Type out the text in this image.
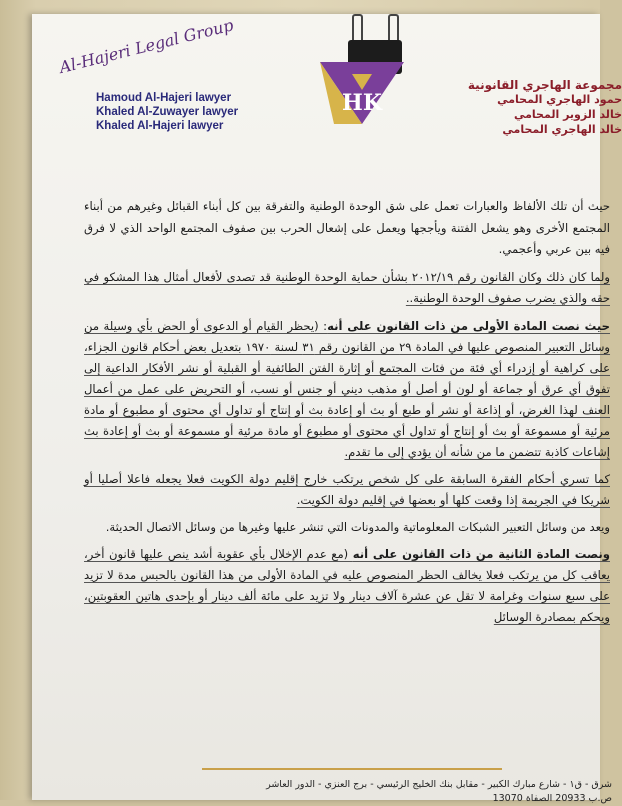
Al-Hajeri Legal Group
Hamoud Al-Hajeri lawyer
Khaled Al-Zuwayer lawyer
Khaled Al-Hajeri lawyer
HK
مجموعة الهاجري القانونية
حمود الهاجري المحامي
خالد الزوير المحامي
خالد الهاجري المحامي

حيث أن تلك الألفاظ والعبارات تعمل على شق الوحدة الوطنية والتفرقة بين كل أبناء القبائل وغيرهم من أبناء المجتمع الأخرى وهو يشعل الفتنة ويأججها ويعمل على إشعال الحرب بين صفوف المجتمع الواحد الذي لا فرق فيه بين عربي وأعجمي.

ولما كان ذلك وكان القانون رقم ٢٠١٢/١٩ بشأن حماية الوحدة الوطنية قد تصدى لأفعال أمثال هذا المشكو في حقه والذي يضرب صفوف الوحدة الوطنية..

حيث نصت المادة الأولى من ذات القانون على أنه: (يحظر القيام أو الدعوى أو الحض بأي وسيلة من وسائل التعبير المنصوص عليها في المادة ٢٩ من القانون رقم ٣١ لسنة ١٩٧٠ بتعديل بعض أحكام قانون الجزاء، على كراهية أو إزدراء أي فئة من فئات المجتمع أو إثارة الفتن الطائفية أو القبلية أو نشر الأفكار الداعية إلى تفوق أي عرق أو جماعة أو لون أو أصل أو مذهب ديني أو جنس أو نسب، أو التحريض على عمل من أعمال العنف لهذا الغرض، أو إذاعة أو نشر أو طبع أو بث أو إعادة بث أو إنتاج أو تداول أي محتوى أو مطبوع أو مادة مرئية أو مسموعة أو بث أو إنتاج أو تداول أي محتوى أو مطبوع أو مادة مرئية أو مسموعة أو بث أو إعادة بث إشاعات كاذبة تتضمن ما من شأنه أن يؤدي إلى ما تقدم.

كما تسري أحكام الفقرة السابقة على كل شخص يرتكب خارج إقليم دولة الكويت فعلا يجعله فاعلا أصليا أو شريكا في الجريمة إذا وقعت كلها أو بعضها في إقليم دولة الكويت.

ويعد من وسائل التعبير الشبكات المعلوماتية والمدونات التي تنشر عليها وغيرها من وسائل الاتصال الحديثة.

ونصت المادة الثانية من ذات القانون على أنه (مع عدم الإخلال بأي عقوبة أشد ينص عليها قانون أخر، يعاقب كل من يرتكب فعلا يخالف الحظر المنصوص عليه في المادة الأولى من هذا القانون بالحبس مدة لا تزيد على سبع سنوات وغرامة لا تقل عن عشرة آلاف دينار ولا تزيد على مائة ألف دينار أو بإحدى هاتين العقوبتين، ويحكم بمصادرة الوسائل

شرق - ق١ - شارع مبارك الكبير - مقابل بنك الخليج الرئيسي - برج العنزي - الدور العاشر
ص.ب 20933 الصفاة 13070
